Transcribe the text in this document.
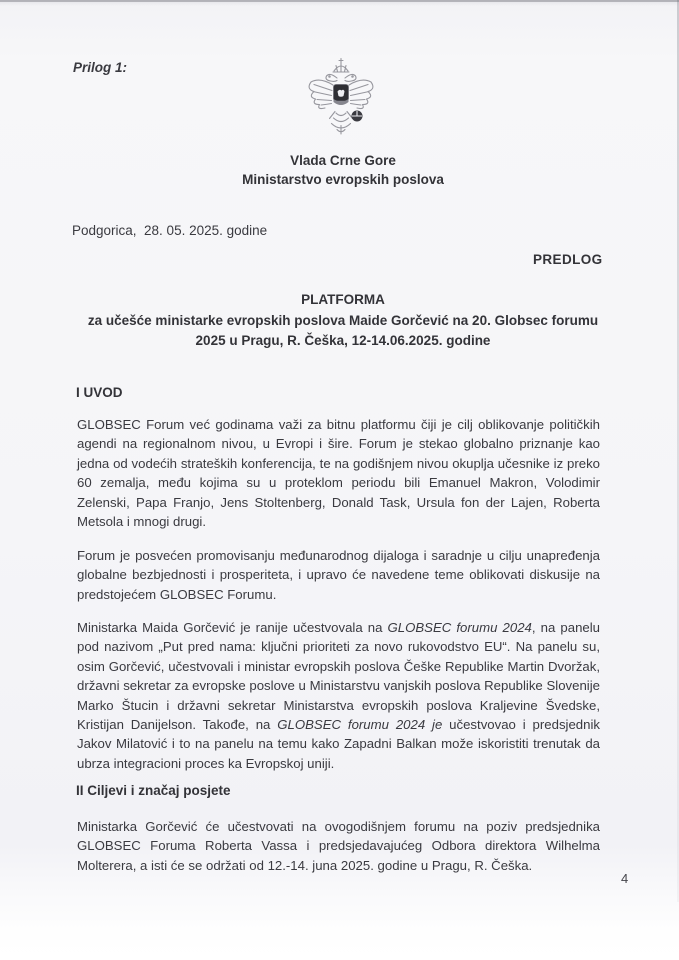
Prilog 1:
Vlada Crne Gore
Ministarstvo evropskih poslova
Podgorica,  28. 05. 2025. godine
PREDLOG
PLATFORMA
za učešće ministarke evropskih poslova Maide Gorčević na 20. Globsec forumu
2025 u Pragu, R. Češka, 12-14.06.2025. godine
I UVOD

GLOBSEC Forum već godinama važi za bitnu platformu čiji je cilj oblikovanje političkih agendi na regionalnom nivou, u Evropi i šire. Forum je stekao globalno priznanje kao jedna od vodećih strateških konferencija, te na godišnjem nivou okuplja učesnike iz preko 60 zemalja, među kojima su u proteklom periodu bili Emanuel Makron, Volodimir Zelenski, Papa Franjo, Jens Stoltenberg, Donald Task, Ursula fon der Lajen, Roberta Metsola i mnogi drugi.

Forum je posvećen promovisanju međunarodnog dijaloga i saradnje u cilju unapređenja globalne bezbjednosti i prosperiteta, i upravo će navedene teme oblikovati diskusije na predstojećem GLOBSEC Forumu.

Ministarka Maida Gorčević je ranije učestvovala na GLOBSEC forumu 2024, na panelu pod nazivom „Put pred nama: ključni prioriteti za novo rukovodstvo EU“. Na panelu su, osim Gorčević, učestvovali i ministar evropskih poslova Češke Republike Martin Dvoržak, državni sekretar za evropske poslove u Ministarstvu vanjskih poslova Republike Slovenije Marko Štucin i državni sekretar Ministarstva evropskih poslova Kraljevine Švedske, Kristijan Danijelson. Takođe, na GLOBSEC forumu 2024 je učestvovao i predsjednik Jakov Milatović i to na panelu na temu kako Zapadni Balkan može iskoristiti trenutak da ubrza integracioni proces ka Evropskoj uniji.

II Ciljevi i značaj posjete

Ministarka Gorčević će učestvovati na ovogodišnjem forumu na poziv predsjednika GLOBSEC Foruma Roberta Vassa i predsjedavajućeg Odbora direktora Wilhelma Molterera, a isti će se održati od 12.-14. juna 2025. godine u Pragu, R. Češka.

4
